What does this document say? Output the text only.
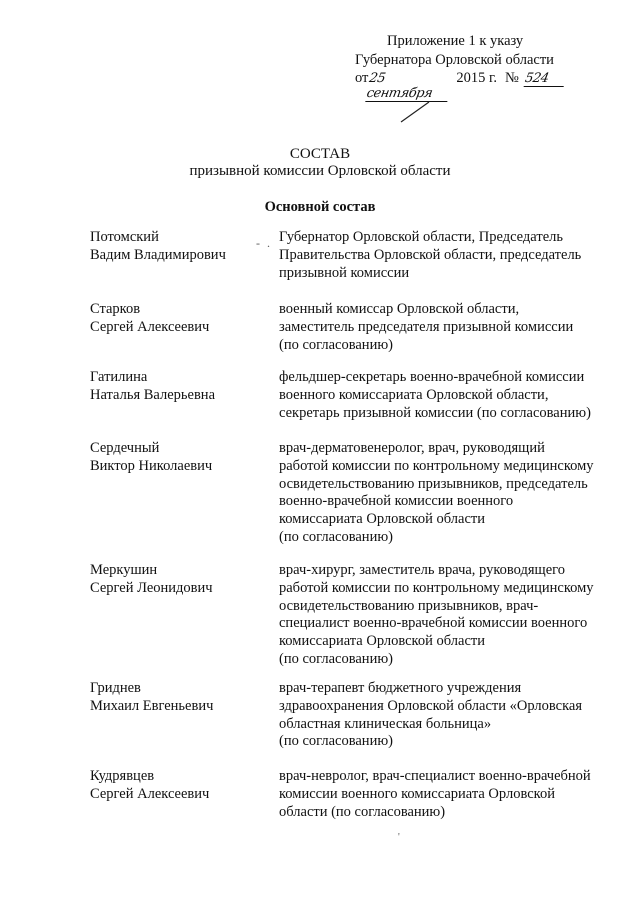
Приложение 1 к указу
Губернатора Орловской области
от 25 сентября
2015 г. № 524
СОСТАВ
призывной комиссии Орловской области
Основной состав
Потомский
Вадим Владимирович
- . Губернатор Орловской области, Председатель
Правительства Орловской области, председатель
призывной комиссии
Старков
Сергей Алексеевич
военный комиссар Орловской области,
заместитель председателя призывной комиссии
(по согласованию)
Гатилина
Наталья Валерьевна
фельдшер-секретарь военно-врачебной комиссии
военного комиссариата Орловской области,
секретарь призывной комиссии (по согласованию)
Сердечный
Виктор Николаевич
врач-дерматовенеролог, врач, руководящий
работой комиссии по контрольному медицинскому
освидетельствованию призывников, председатель
военно-врачебной комиссии военного
комиссариата Орловской области
(по согласованию)
Меркушин
Сергей Леонидович
врач-хирург, заместитель врача, руководящего
работой комиссии по контрольному медицинскому
освидетельствованию призывников, врач-
специалист военно-врачебной комиссии военного
комиссариата Орловской области
(по согласованию)
Гриднев
Михаил Евгеньевич
врач-терапевт бюджетного учреждения
здравоохранения Орловской области «Орловская
областная клиническая больница»
(по согласованию)
Кудрявцев
Сергей Алексеевич
врач-невролог, врач-специалист военно-врачебной
комиссии военного комиссариата Орловской
области (по согласованию)
'
